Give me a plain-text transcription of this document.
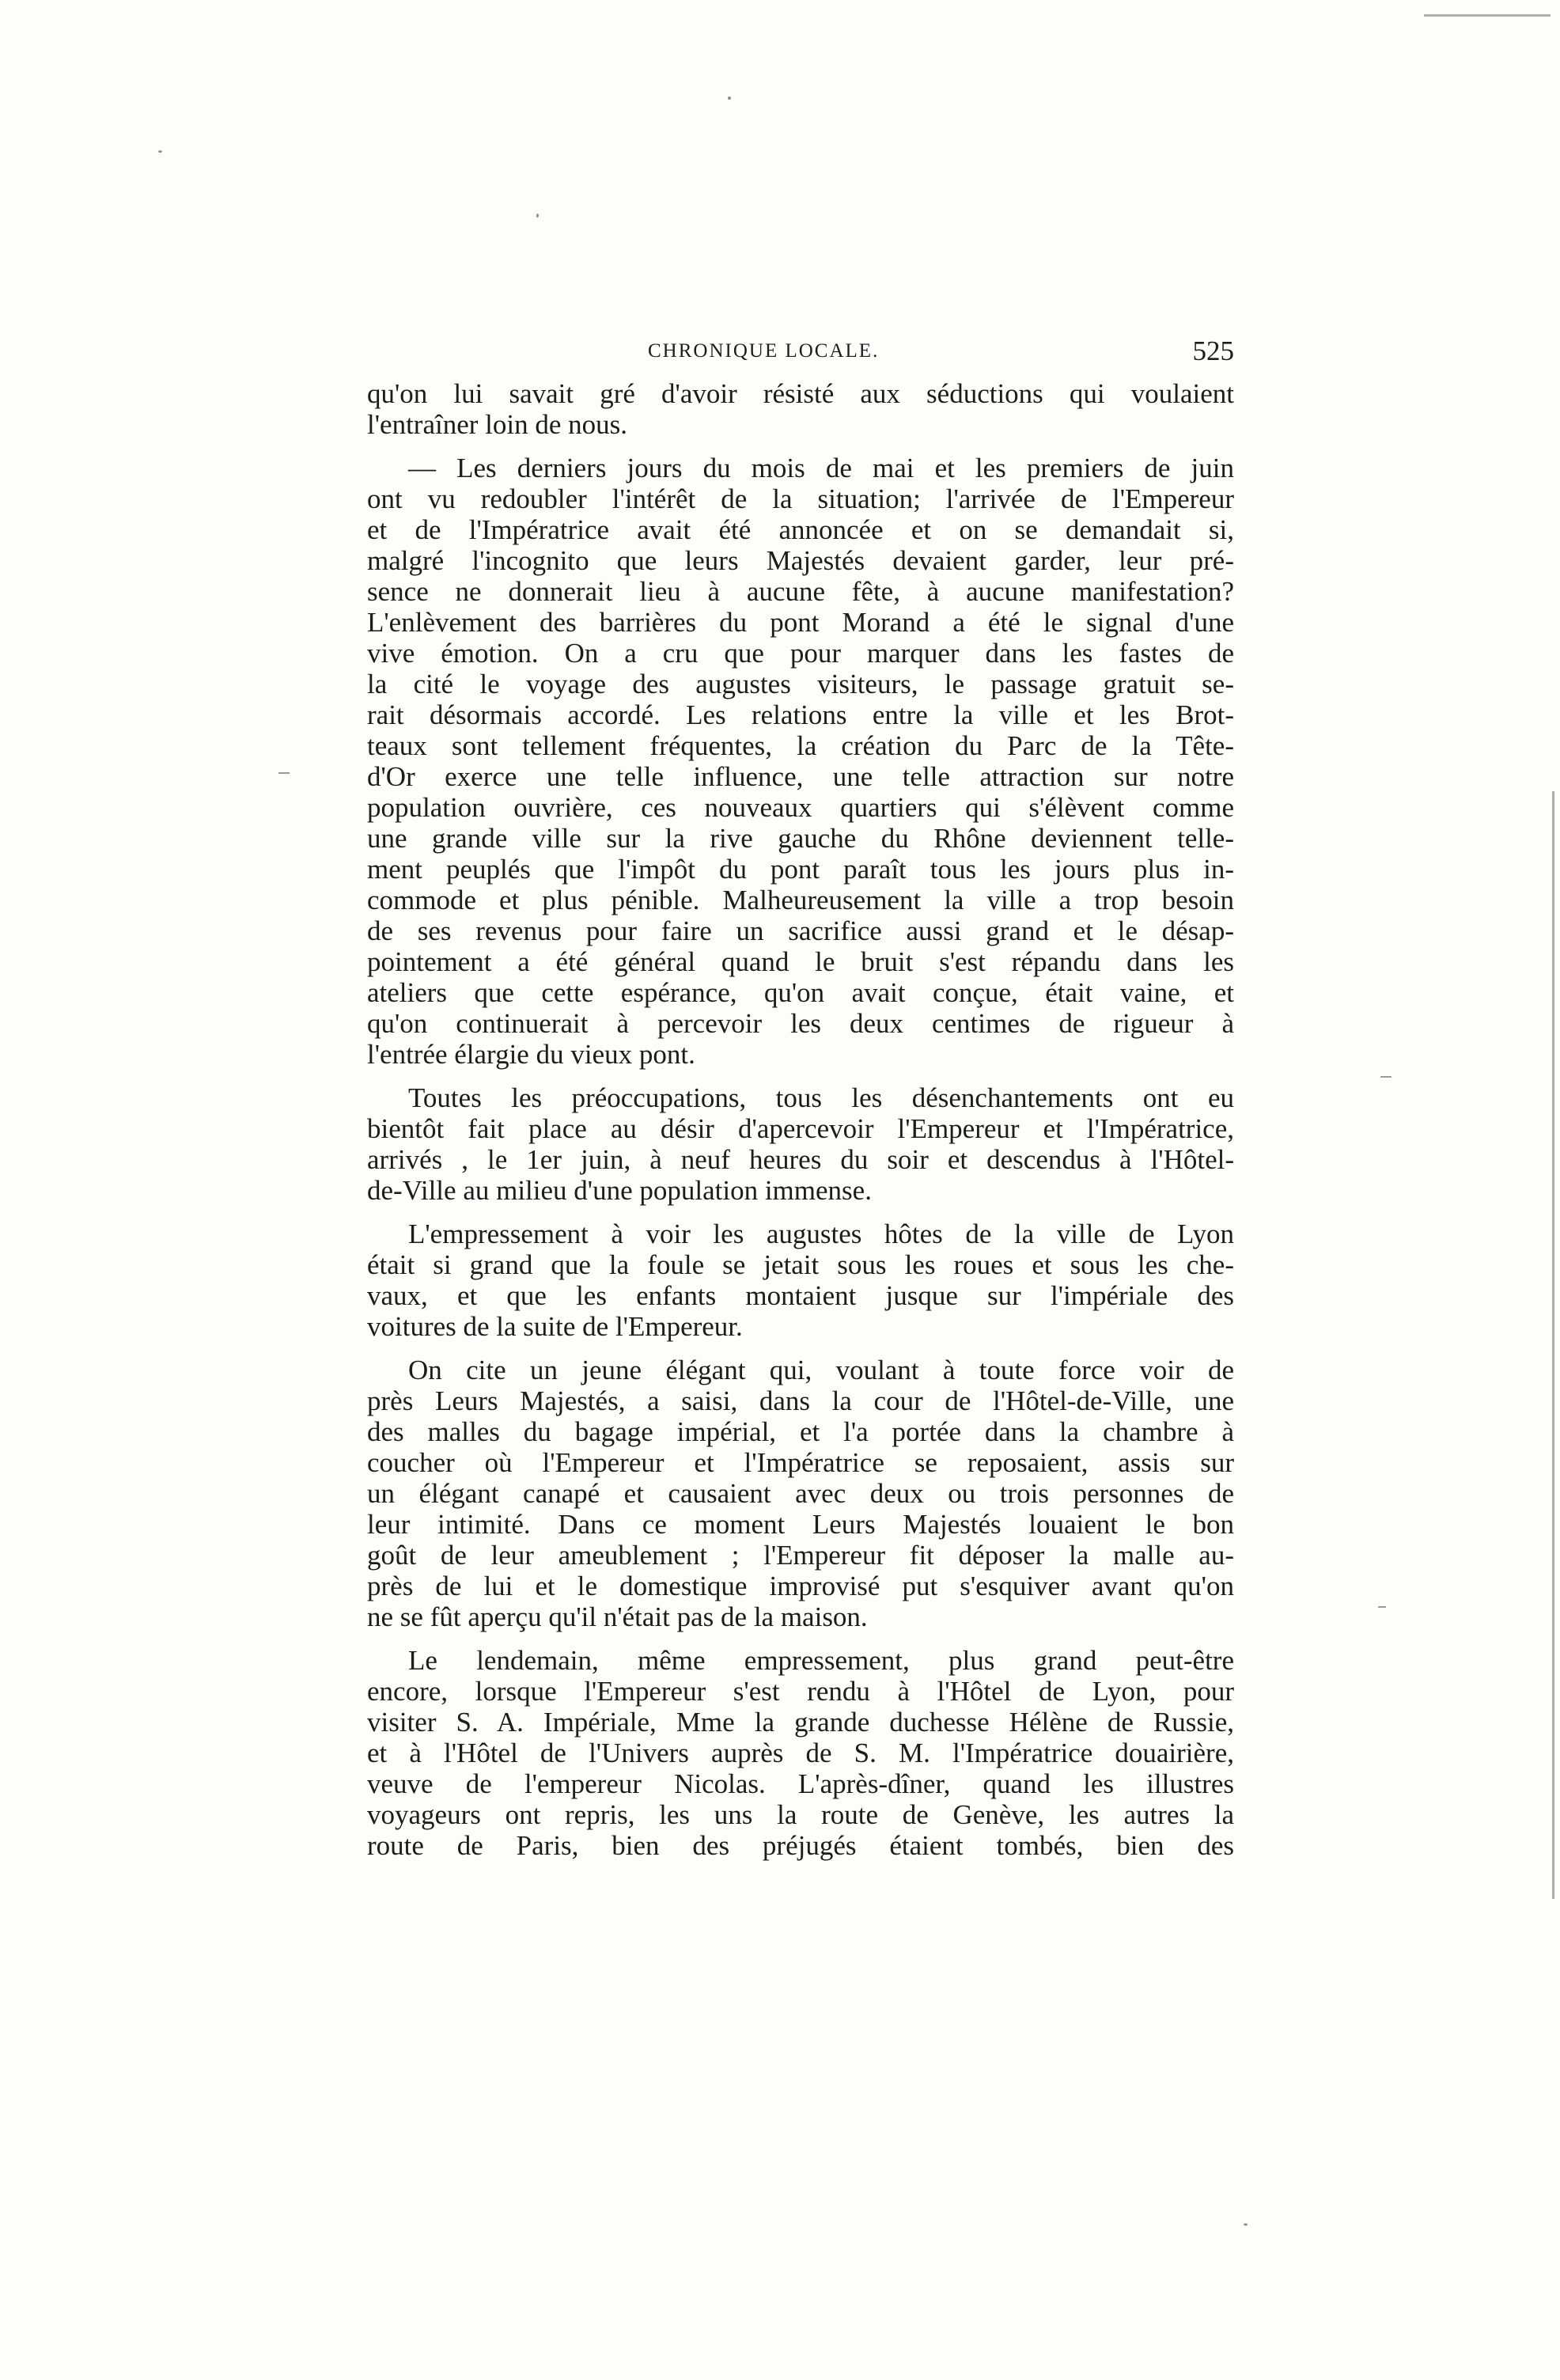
CHRONIQUE LOCALE.	525
qu'on lui savait gré d'avoir résisté aux séductions qui voulaient
l'entraîner loin de nous.
— Les derniers jours du mois de mai et les premiers de juin
ont vu redoubler l'intérêt de la situation; l'arrivée de l'Empereur
et de l'Impératrice avait été annoncée et on se demandait si,
malgré l'incognito que leurs Majestés devaient garder, leur pré-
sence ne donnerait lieu à aucune fête, à aucune manifestation?
L'enlèvement des barrières du pont Morand a été le signal d'une
vive émotion. On a cru que pour marquer dans les fastes de
la cité le voyage des augustes visiteurs, le passage gratuit se-
rait désormais accordé. Les relations entre la ville et les Brot-
teaux sont tellement fréquentes, la création du Parc de la Tête-
d'Or exerce une telle influence, une telle attraction sur notre
population ouvrière, ces nouveaux quartiers qui s'élèvent comme
une grande ville sur la rive gauche du Rhône deviennent telle-
ment peuplés que l'impôt du pont paraît tous les jours plus in-
commode et plus pénible. Malheureusement la ville a trop besoin
de ses revenus pour faire un sacrifice aussi grand et le désap-
pointement a été général quand le bruit s'est répandu dans les
ateliers que cette espérance, qu'on avait conçue, était vaine, et
qu'on continuerait à percevoir les deux centimes de rigueur à
l'entrée élargie du vieux pont.
Toutes les préoccupations, tous les désenchantements ont eu
bientôt fait place au désir d'apercevoir l'Empereur et l'Impératrice,
arrivés , le 1er juin, à neuf heures du soir et descendus à l'Hôtel-
de-Ville au milieu d'une population immense.
L'empressement à voir les augustes hôtes de la ville de Lyon
était si grand que la foule se jetait sous les roues et sous les che-
vaux, et que les enfants montaient jusque sur l'impériale des
voitures de la suite de l'Empereur.
On cite un jeune élégant qui, voulant à toute force voir de
près Leurs Majestés, a saisi, dans la cour de l'Hôtel-de-Ville, une
des malles du bagage impérial, et l'a portée dans la chambre à
coucher où l'Empereur et l'Impératrice se reposaient, assis sur
un élégant canapé et causaient avec deux ou trois personnes de
leur intimité. Dans ce moment Leurs Majestés louaient le bon
goût de leur ameublement ; l'Empereur fit déposer la malle au-
près de lui et le domestique improvisé put s'esquiver avant qu'on
ne se fût aperçu qu'il n'était pas de la maison.
Le lendemain, même empressement, plus grand peut-être
encore, lorsque l'Empereur s'est rendu à l'Hôtel de Lyon, pour
visiter S. A. Impériale, Mme la grande duchesse Hélène de Russie,
et à l'Hôtel de l'Univers auprès de S. M. l'Impératrice douairière,
veuve de l'empereur Nicolas. L'après-dîner, quand les illustres
voyageurs ont repris, les uns la route de Genève, les autres la
route de Paris, bien des préjugés étaient tombés, bien des
